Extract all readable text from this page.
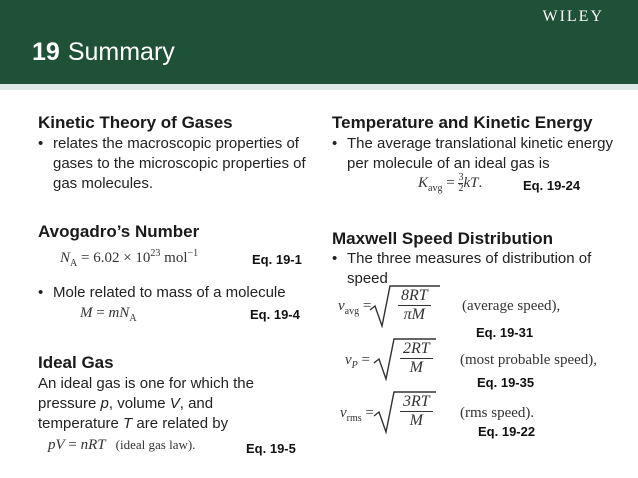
WILEY
19 Summary
Kinetic Theory of Gases
• relates the macroscopic properties of gases to the microscopic properties of gas molecules.
Avogadro’s Number
$N_A = 6.02 \times 10^{23}$ mol$^{-1}$	Eq. 19-1
• Mole related to mass of a molecule
$M = mN_A$	Eq. 19-4
Ideal Gas
An ideal gas is one for which the pressure p, volume V, and temperature T are related by
pV = nRT (ideal gas law).	Eq. 19-5
Temperature and Kinetic Energy
• The average translational kinetic energy per molecule of an ideal gas is
$K_{avg} = \frac{3}{2}$ kT.	Eq. 19-24
Maxwell Speed Distribution
• The three measures of distribution of speed
$v_{avg} = \frac{8RT}{\pi M}$ (average speed),
Eq. 19-31
$v_P = \frac{2RT}{M}$ (most probable speed),
Eq. 19-35
$v_{rms} = \frac{3RT}{M} (rms$ speed).
Eq. 19-22
